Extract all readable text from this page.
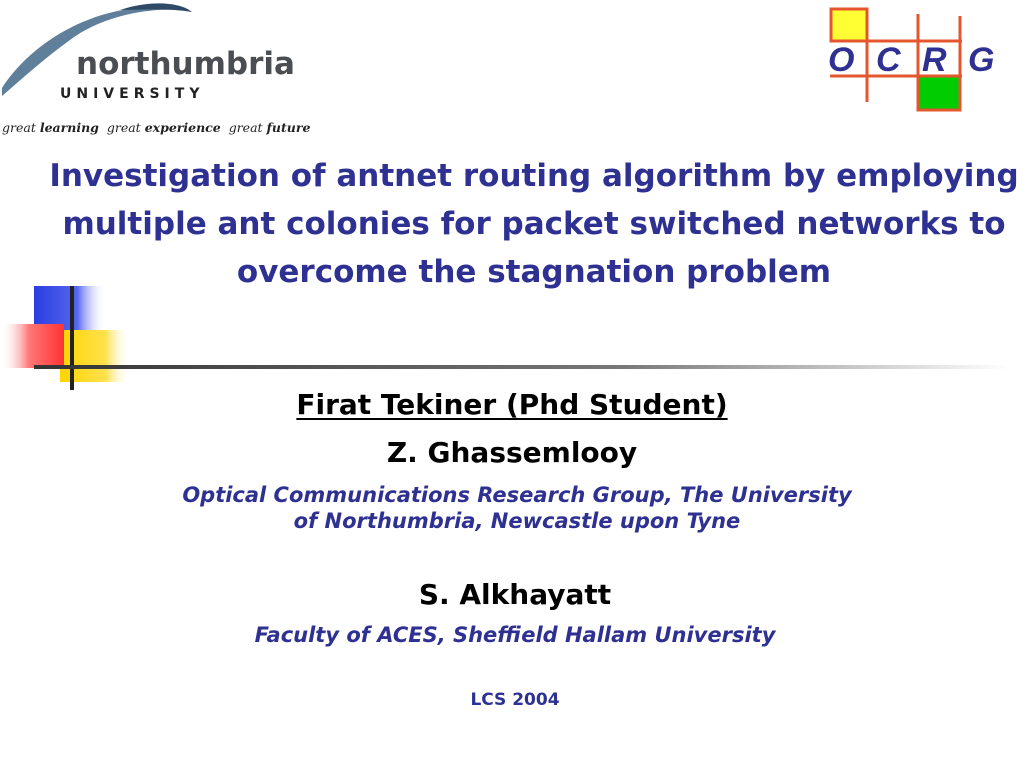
northumbria
UNIVERSITY
great learning great experience great future
O C R G
Investigation of antnet routing algorithm by employing multiple ant colonies for packet switched networks to overcome the stagnation problem

Firat Tekiner (Phd Student)

Z. Ghassemlooy

Optical Communications Research Group, The University of Northumbria, Newcastle upon Tyne

S. Alkhayatt

Faculty of ACES, Sheffield Hallam University

LCS 2004
